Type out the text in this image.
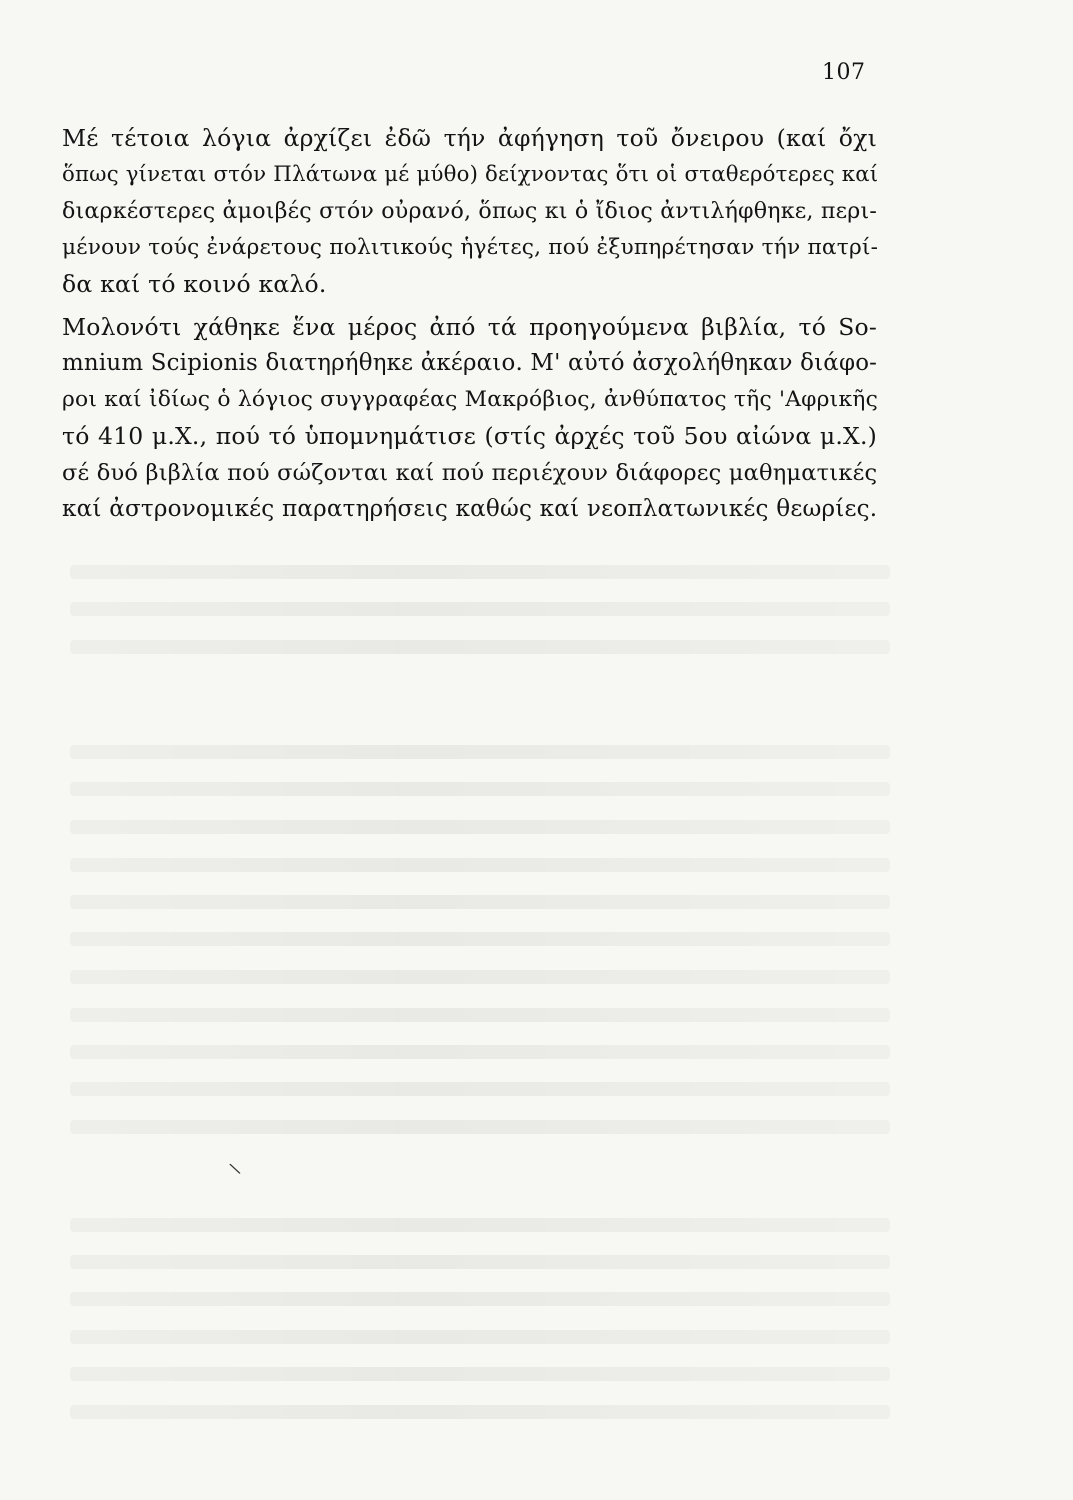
107
Μέ τέτοια λόγια ἀρχίζει ἐδῶ τήν ἀφήγηση τοῦ ὄνειρου (καί ὄχι
ὅπως γίνεται στόν Πλάτωνα μέ μύθο) δείχνοντας ὅτι οἱ σταθερότερες καί
διαρκέστερες ἀμοιβές στόν οὐρανό, ὅπως κι ὁ ἴδιος ἀντιλήφθηκε, περι-
μένουν τούς ἐνάρετους πολιτικούς ἡγέτες, πού ἐξυπηρέτησαν τήν πατρί-
δα καί τό κοινό καλό.
Μολονότι χάθηκε ἕνα μέρος ἀπό τά προηγούμενα βιβλία, τό So-
mnium Scipionis διατηρήθηκε ἀκέραιο. Μ' αὐτό ἀσχολήθηκαν διάφο-
ροι καί ἰδίως ὁ λόγιος συγγραφέας Μακρόβιος, ἀνθύπατος τῆς 'Αφρικῆς
τό 410 μ.Χ., πού τό ὑπομνημάτισε (στίς ἀρχές τοῦ 5ου αἰώνα μ.Χ.)
σέ δυό βιβλία πού σώζονται καί πού περιέχουν διάφορες μαθηματικές
καί ἀστρονομικές παρατηρήσεις καθώς καί νεοπλατωνικές θεωρίες.
\
